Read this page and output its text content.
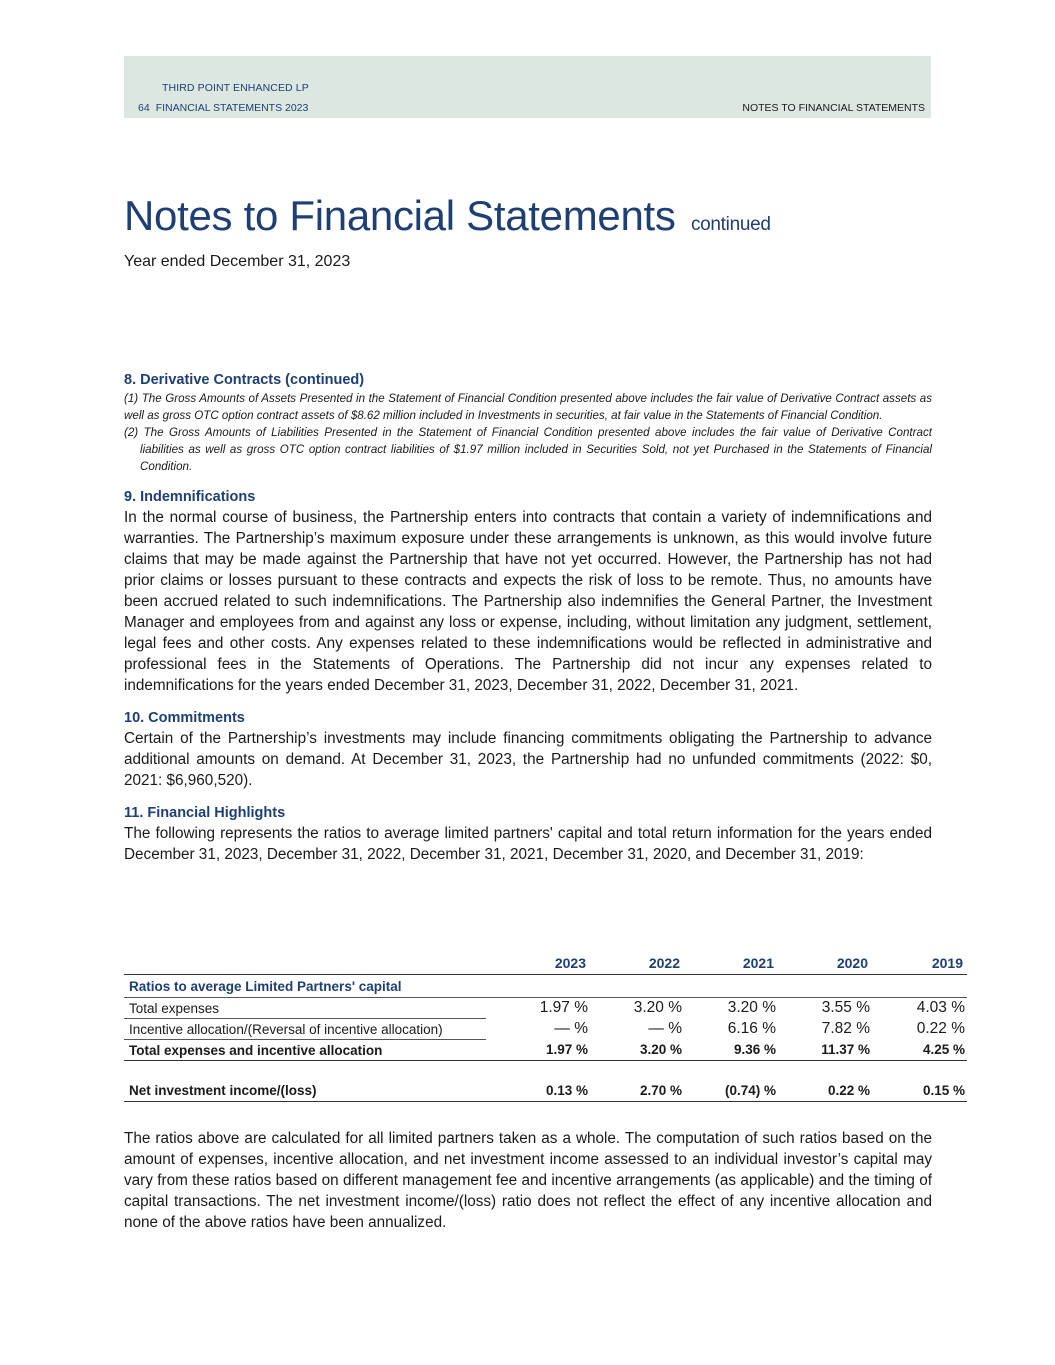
THIRD POINT ENHANCED LP
64 FINANCIAL STATEMENTS 2023	NOTES TO FINANCIAL STATEMENTS
Notes to Financial Statements continued
Year ended December 31, 2023
8. Derivative Contracts (continued)

(1) The Gross Amounts of Assets Presented in the Statement of Financial Condition presented above includes the fair value of Derivative Contract assets as well as gross OTC option contract assets of $8.62 million included in Investments in securities, at fair value in the Statements of Financial Condition.

(2) The Gross Amounts of Liabilities Presented in the Statement of Financial Condition presented above includes the fair value of Derivative Contract liabilities as well as gross OTC option contract liabilities of $1.97 million included in Securities Sold, not yet Purchased in the Statements of Financial Condition.

9. Indemnifications

In the normal course of business, the Partnership enters into contracts that contain a variety of indemnifications and warranties. The Partnership’s maximum exposure under these arrangements is unknown, as this would involve future claims that may be made against the Partnership that have not yet occurred. However, the Partnership has not had prior claims or losses pursuant to these contracts and expects the risk of loss to be remote. Thus, no amounts have been accrued related to such indemnifications. The Partnership also indemnifies the General Partner, the Investment Manager and employees from and against any loss or expense, including, without limitation any judgment, settlement, legal fees and other costs. Any expenses related to these indemnifications would be reflected in administrative and professional fees in the Statements of Operations. The Partnership did not incur any expenses related to indemnifications for the years ended December 31, 2023, December 31, 2022, December 31, 2021.

10. Commitments

Certain of the Partnership’s investments may include financing commitments obligating the Partnership to advance additional amounts on demand. At December 31, 2023, the Partnership had no unfunded commitments (2022: $0, 2021: $6,960,520).

11. Financial Highlights

The following represents the ratios to average limited partners' capital and total return information for the years ended December 31, 2023, December 31, 2022, December 31, 2021, December 31, 2020, and December 31, 2019:

	2023	2022	2021	2020	2019
Ratios to average Limited Partners' capital					
Total expenses	1.97 %	3.20 %	3.20 %	3.55 %	4.03 %
Incentive allocation/(Reversal of incentive allocation)	— %	— %	6.16 %	7.82 %	0.22 %
Total expenses and incentive allocation	1.97 %	3.20 %	9.36 %	11.37 %	4.25 %

Net investment income/(loss)	0.13 %	2.70 %	(0.74) %	0.22 %	0.15 %

The ratios above are calculated for all limited partners taken as a whole. The computation of such ratios based on the amount of expenses, incentive allocation, and net investment income assessed to an individual investor’s capital may vary from these ratios based on different management fee and incentive arrangements (as applicable) and the timing of capital transactions. The net investment income/(loss) ratio does not reflect the effect of any incentive allocation and none of the above ratios have been annualized.
